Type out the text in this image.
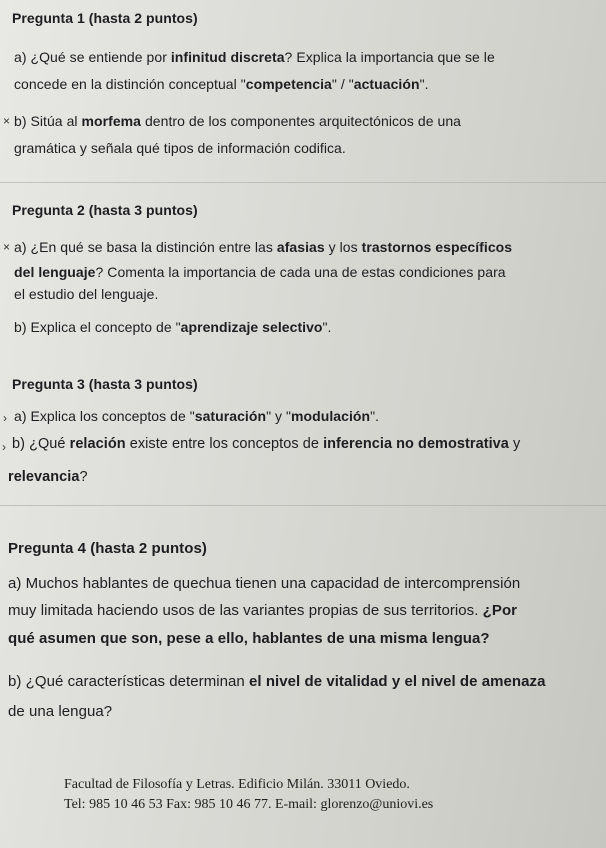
Pregunta 1 (hasta 2 puntos)
a) ¿Qué se entiende por infinitud discreta? Explica la importancia que se le
concede en la distinción conceptual "competencia" / "actuación".
× b) Sitúa al morfema dentro de los componentes arquitectónicos de una
gramática y señala qué tipos de información codifica.
Pregunta 2 (hasta 3 puntos)
× a) ¿En qué se basa la distinción entre las afasias y los trastornos específicos
del lenguaje? Comenta la importancia de cada una de estas condiciones para
el estudio del lenguaje.
b) Explica el concepto de "aprendizaje selectivo".
Pregunta 3 (hasta 3 puntos)
› a) Explica los conceptos de "saturación" y "modulación".
› b) ¿Qué relación existe entre los conceptos de inferencia no demostrativa y
relevancia?
Pregunta 4 (hasta 2 puntos)
a) Muchos hablantes de quechua tienen una capacidad de intercomprensión
muy limitada haciendo usos de las variantes propias de sus territorios. ¿Por
qué asumen que son, pese a ello, hablantes de una misma lengua?
b) ¿Qué características determinan el nivel de vitalidad y el nivel de amenaza
de una lengua?
Facultad de Filosofía y Letras. Edificio Milán. 33011 Oviedo.
Tel: 985 10 46 53 Fax: 985 10 46 77. E-mail: glorenzo@uniovi.es
